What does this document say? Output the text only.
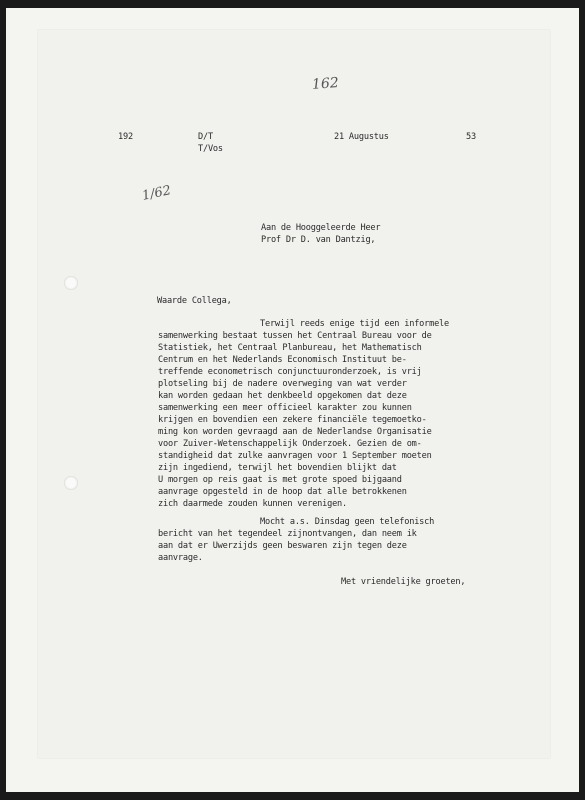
162
1/62
192	D/T
T/Vos
21 Augustus	53
Aan de Hooggeleerde Heer
Prof Dr D. van Dantzig,
Waarde Collega,
Terwijl reeds enige tijd een informele
samenwerking bestaat tussen het Centraal Bureau voor de
Statistiek, het Centraal Planbureau, het Mathematisch
Centrum en het Nederlands Economisch Instituut be-
treffende econometrisch conjunctuuronderzoek, is vrij
plotseling bij de nadere overweging van wat verder
kan worden gedaan het denkbeeld opgekomen dat deze
samenwerking een meer officieel karakter zou kunnen
krijgen en bovendien een zekere financiële tegemoetko-
ming kon worden gevraagd aan de Nederlandse Organisatie
voor Zuiver-Wetenschappelijk Onderzoek. Gezien de om-
standigheid dat zulke aanvragen voor 1 September moeten
zijn ingediend, terwijl het bovendien blijkt dat
U morgen op reis gaat is met grote spoed bijgaand
aanvrage opgesteld in de hoop dat alle betrokkenen
zich daarmede zouden kunnen verenigen.
Mocht a.s. Dinsdag geen telefonisch
bericht van het tegendeel zijnontvangen, dan neem ik
aan dat er Uwerzijds geen beswaren zijn tegen deze
aanvrage.
Met vriendelijke groeten,
